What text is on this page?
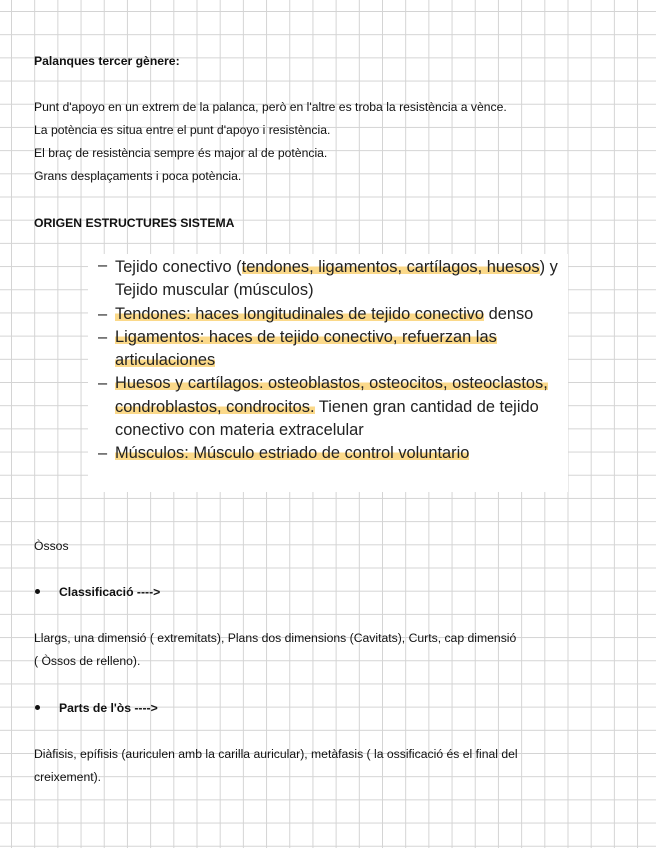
Palanques tercer gènere:

Punt d'apoyo en un extrem de la palanca, però en l'altre es troba la resistència a vènce.

La potència es situa entre el punt d'apoyo i resistència.

El braç de resistència sempre és major al de potència.

Grans desplaçaments i poca potència.

ORIGEN ESTRUCTURES SISTEMA

– Tejido conectivo (tendones, ligamentos, cartílagos, huesos) y Tejido muscular (músculos)
– Tendones: haces longitudinales de tejido conectivo denso
– Ligamentos: haces de tejido conectivo, refuerzan las articulaciones
– Huesos y cartílagos: osteoblastos, osteocitos, osteoclastos, condroblastos, condrocitos. Tienen gran cantidad de tejido conectivo con materia extracelular
– Músculos: Músculo estriado de control voluntario

Òssos

Classificació ---->

Llargs, una dimensió ( extremitats), Plans dos dimensions (Cavitats), Curts, cap dimensió

( Òssos de relleno).

Parts de l'òs ---->

Diàfisis, epífisis (auriculen amb la carilla auricular), metàfasis ( la ossificació és el final del

creixement).
